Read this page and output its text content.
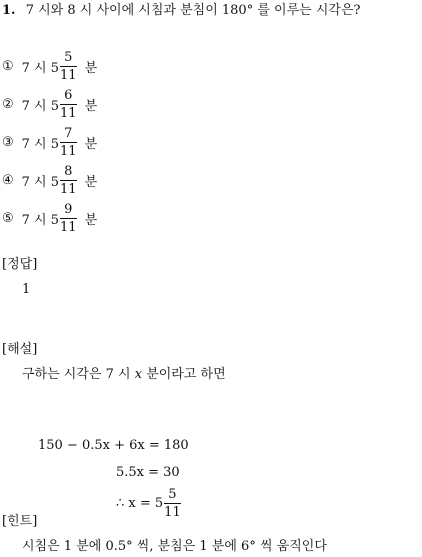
1. 7 시와 8 시 사이에 시침과 분침이 180° 를 이루는 시각은?
① 7 시 $5 \frac{5}{11}$ 분
② 7 시 $5 \frac{6}{11}$ 분
③ 7 시 $5 \frac{7}{11}$ 분
④ 7 시 $5 \frac{8}{11}$ 분
⑤ 7 시 $5 \frac{9}{11}$ 분
[정답]
1
[해설]
구하는 시각은 7 시 x 분이라고 하면
150 − 0.5x + 6x = 180
5.5x = 30
∴ $x = 5 \frac{5}{11}$
[힌트]
시침은 1 분에 0.5° 씩, 분침은 1 분에 6° 씩 움직인다
